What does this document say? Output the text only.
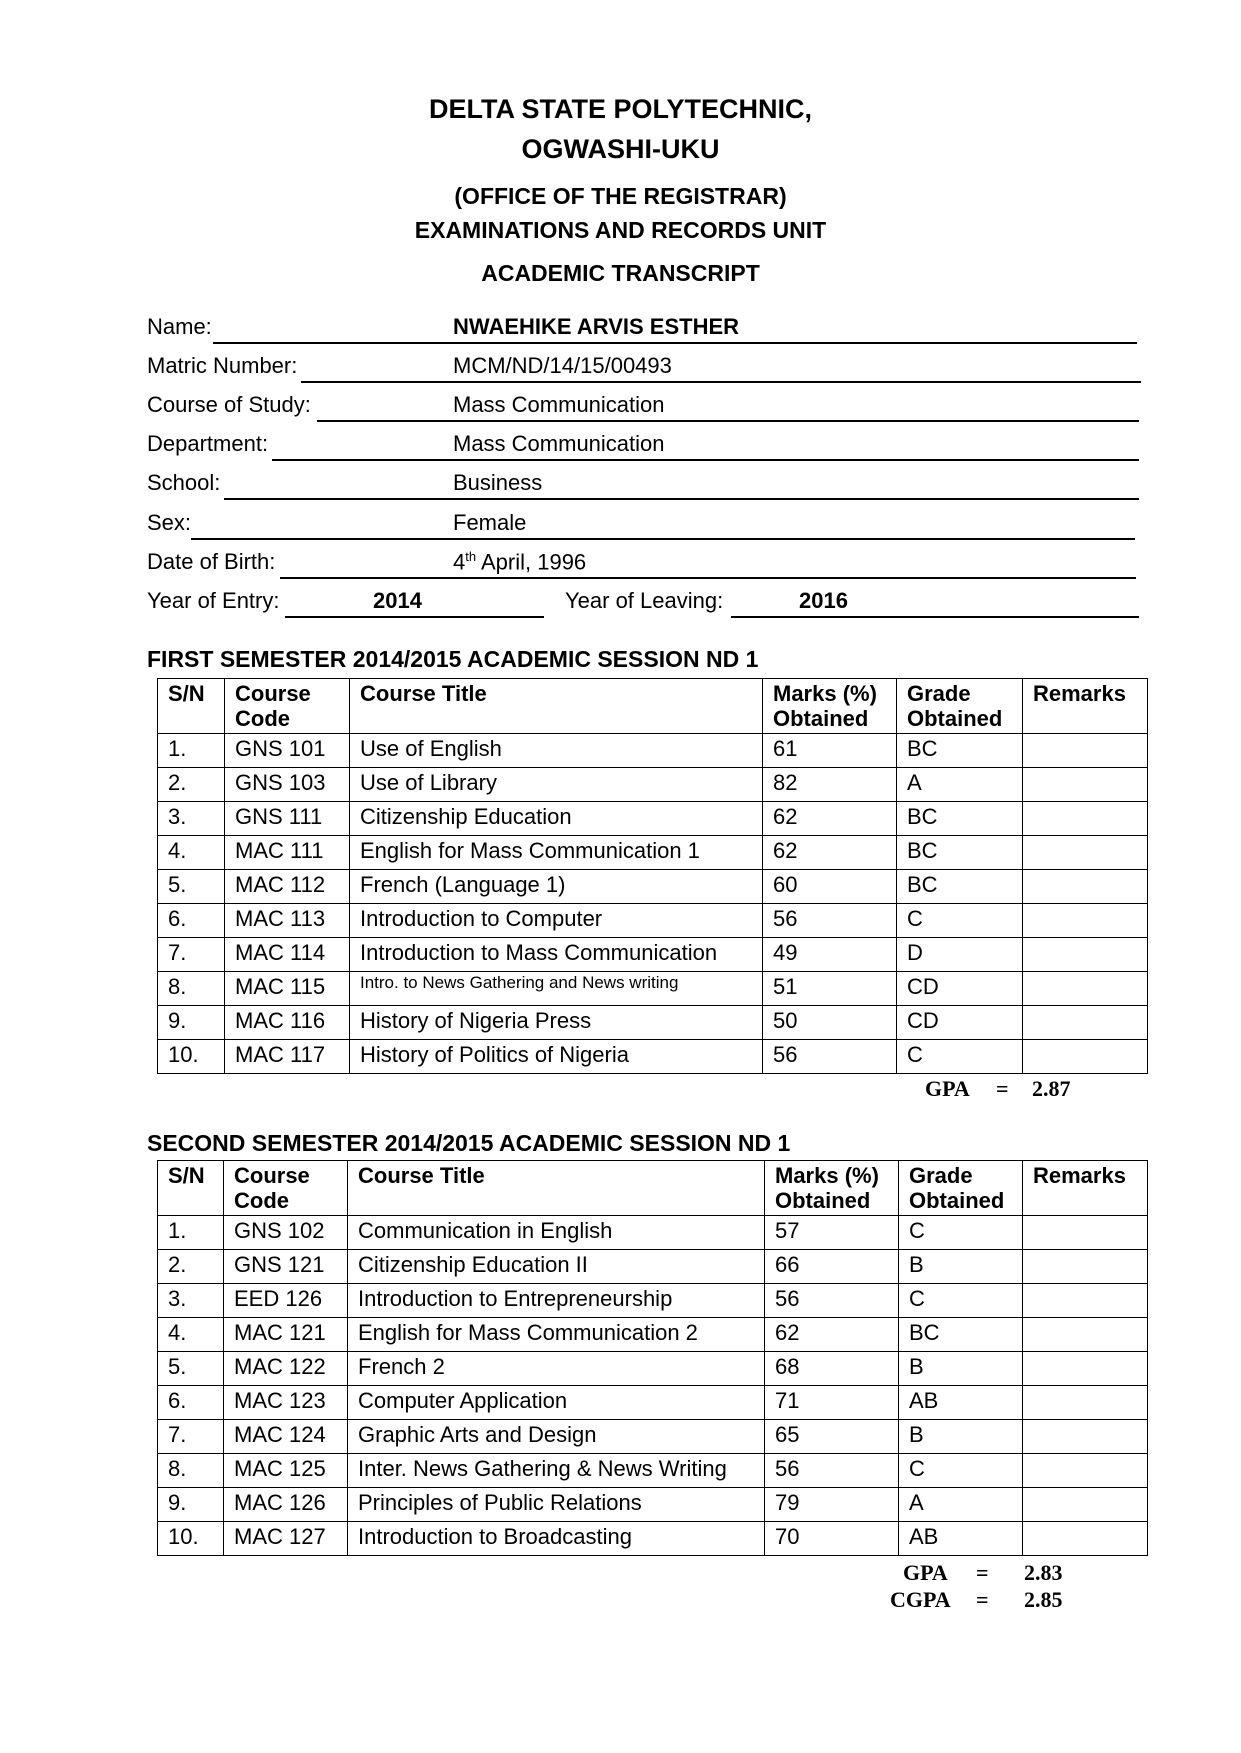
DELTA STATE POLYTECHNIC,
OGWASHI-UKU
(OFFICE OF THE REGISTRAR)
EXAMINATIONS AND RECORDS UNIT
ACADEMIC TRANSCRIPT
Name:	NWAEHIKE ARVIS ESTHER
Matric Number:	MCM/ND/14/15/00493
Course of Study:	Mass Communication
Department:	Mass Communication
School:	Business
Sex:	Female
Date of Birth:	4th April, 1996
Year of Entry:	2014	Year of Leaving:	2016
FIRST SEMESTER 2014/2015 ACADEMIC SESSION ND 1
S/N	Course Code	Course Title	Marks (%) Obtained	Grade Obtained	Remarks
1.	GNS 101	Use of English	61	BC	
2.	GNS 103	Use of Library	82	A	
3.	GNS 111	Citizenship Education	62	BC	
4.	MAC 111	English for Mass Communication 1	62	BC	
5.	MAC 112	French (Language 1)	60	BC	
6.	MAC 113	Introduction to Computer	56	C	
7.	MAC 114	Introduction to Mass Communication	49	D	
8.	MAC 115	Intro. to News Gathering and News writing	51	CD	
9.	MAC 116	History of Nigeria Press	50	CD	
10.	MAC 117	History of Politics of Nigeria	56	C	
GPA = 2.87
SECOND SEMESTER 2014/2015 ACADEMIC SESSION ND 1
S/N	Course Code	Course Title	Marks (%) Obtained	Grade Obtained	Remarks
1.	GNS 102	Communication in English	57	C	
2.	GNS 121	Citizenship Education II	66	B	
3.	EED 126	Introduction to Entrepreneurship	56	C	
4.	MAC 121	English for Mass Communication 2	62	BC	
5.	MAC 122	French 2	68	B	
6.	MAC 123	Computer Application	71	AB	
7.	MAC 124	Graphic Arts and Design	65	B	
8.	MAC 125	Inter. News Gathering & News Writing	56	C	
9.	MAC 126	Principles of Public Relations	79	A	
10.	MAC 127	Introduction to Broadcasting	70	AB	
GPA = 2.83
CGPA = 2.85
